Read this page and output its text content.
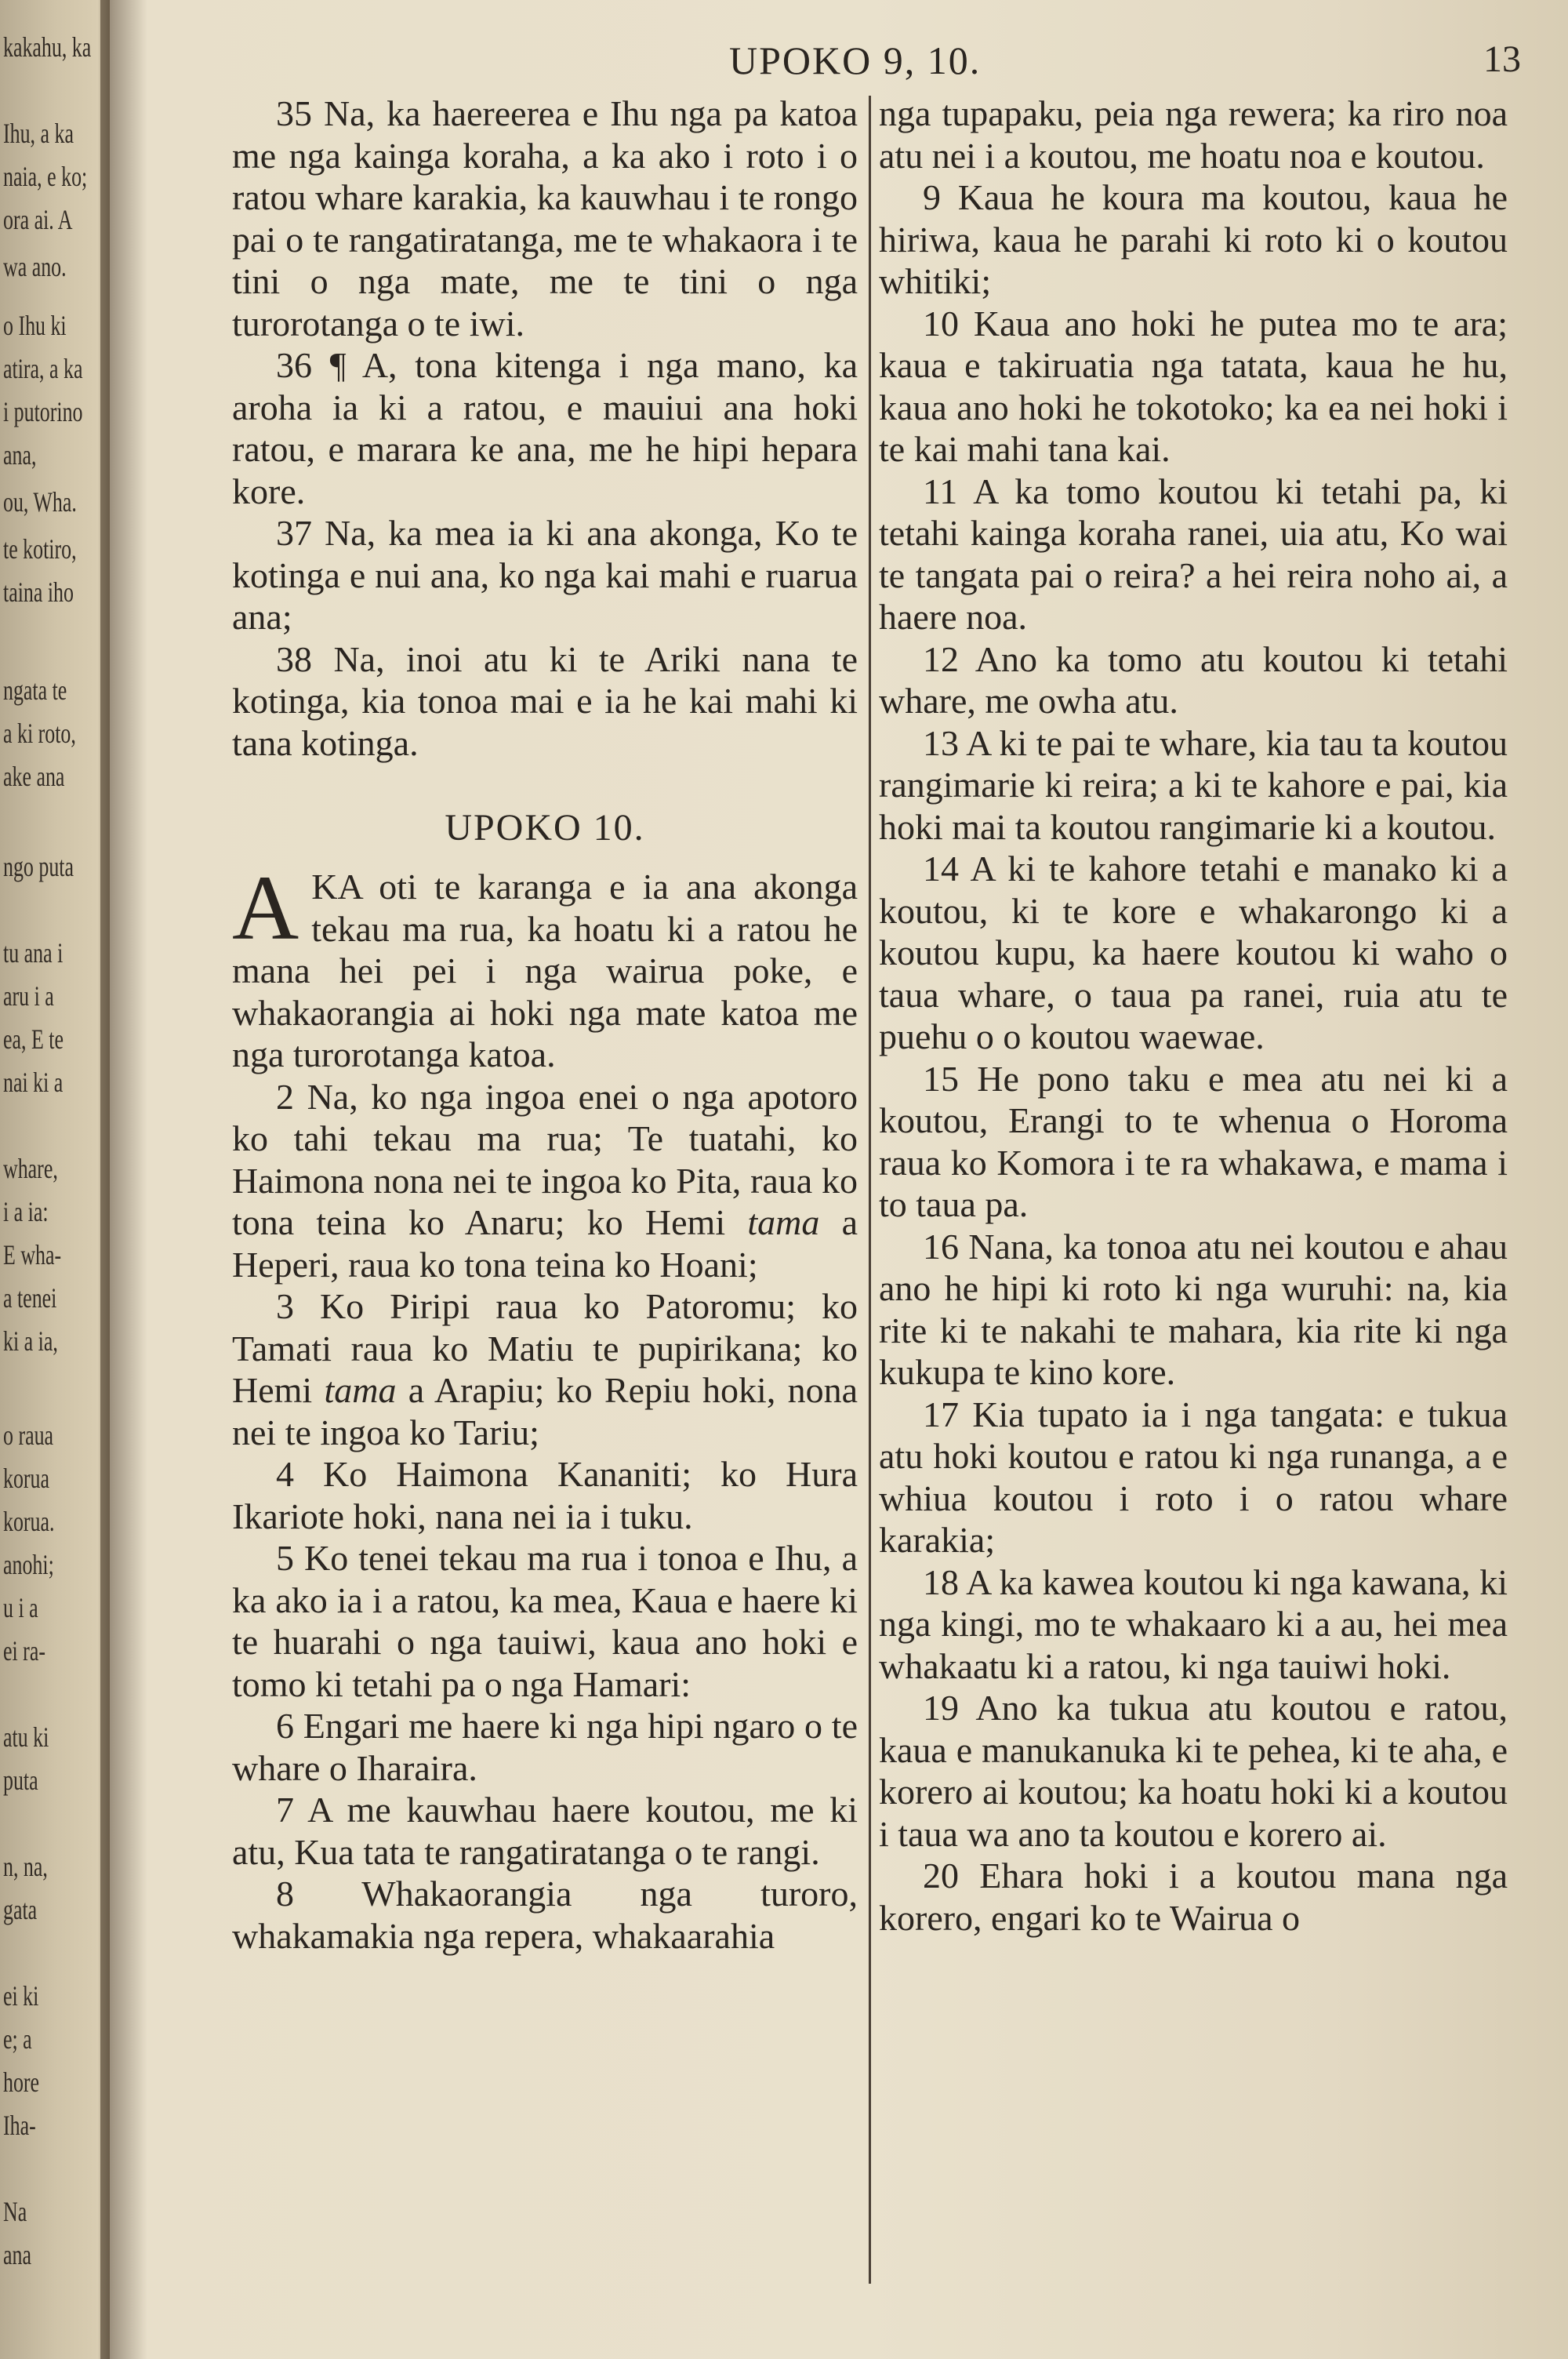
kakahu, ka
Ihu, a ka
naia, e ko;
ora ai. A
wa ano.
o Ihu ki
atira, a ka
i putorino
ana,
ou, Wha.
te kotiro,
taina iho
ngata te
a ki roto,
ake ana
ngo puta
tu ana i
aru i a
ea, E te
nai ki a
whare,
i a ia:
E wha-
a tenei
ki a ia,
o raua
korua
korua.
anohi;
u i a
ei ra-
atu ki
puta
n, na,
gata
ei ki
e; a
hore
Iha-
Na
ana
UPOKO 9, 10.	13

35 Na, ka haereerea e Ihu nga pa katoa me nga kainga koraha, a ka ako i roto i o ratou whare karakia, ka kauwhau i te rongo pai o te rangatiratanga, me te whakaora i te tini o nga mate, me te tini o nga turorotanga o te iwi.

36 ¶ A, tona kitenga i nga mano, ka aroha ia ki a ratou, e mauiui ana hoki ratou, e marara ke ana, me he hipi hepara kore.

37 Na, ka mea ia ki ana akonga, Ko te kotinga e nui ana, ko nga kai mahi e ruarua ana;

38 Na, inoi atu ki te Ariki nana te kotinga, kia tonoa mai e ia he kai mahi ki tana kotinga.

UPOKO 10.

A KA oti te karanga e ia ana akonga tekau ma rua, ka hoatu ki a ratou he mana hei pei i nga wairua poke, e whakaorangia ai hoki nga mate katoa me nga turorotanga katoa.

2 Na, ko nga ingoa enei o nga apotoro ko tahi tekau ma rua; Te tuatahi, ko Haimona nona nei te ingoa ko Pita, raua ko tona teina ko Anaru; ko Hemi tama a Heperi, raua ko tona teina ko Hoani;

3 Ko Piripi raua ko Patoromu; ko Tamati raua ko Matiu te pupirikana; ko Hemi tama a Arapiu; ko Repiu hoki, nona nei te ingoa ko Tariu;

4 Ko Haimona Kananiti; ko Hura Ikariote hoki, nana nei ia i tuku.

5 Ko tenei tekau ma rua i tonoa e Ihu, a ka ako ia i a ratou, ka mea, Kaua e haere ki te huarahi o nga tauiwi, kaua ano hoki e tomo ki tetahi pa o nga Hamari:

6 Engari me haere ki nga hipi ngaro o te whare o Iharaira.

7 A me kauwhau haere koutou, me ki atu, Kua tata te rangatiratanga o te rangi.

8 Whakaorangia nga turoro, whakamakia nga repera, whakaarahia

nga tupapaku, peia nga rewera; ka riro noa atu nei i a koutou, me hoatu noa e koutou.

9 Kaua he koura ma koutou, kaua he hiriwa, kaua he parahi ki roto ki o koutou whitiki;

10 Kaua ano hoki he putea mo te ara; kaua e takiruatia nga tatata, kaua he hu, kaua ano hoki he tokotoko; ka ea nei hoki i te kai mahi tana kai.

11 A ka tomo koutou ki tetahi pa, ki tetahi kainga koraha ranei, uia atu, Ko wai te tangata pai o reira? a hei reira noho ai, a haere noa.

12 Ano ka tomo atu koutou ki tetahi whare, me owha atu.

13 A ki te pai te whare, kia tau ta koutou rangimarie ki reira; a ki te kahore e pai, kia hoki mai ta koutou rangimarie ki a koutou.

14 A ki te kahore tetahi e manako ki a koutou, ki te kore e whakarongo ki a koutou kupu, ka haere koutou ki waho o taua whare, o taua pa ranei, ruia atu te puehu o o koutou waewae.

15 He pono taku e mea atu nei ki a koutou, Erangi to te whenua o Horoma raua ko Komora i te ra whakawa, e mama i to taua pa.

16 Nana, ka tonoa atu nei koutou e ahau ano he hipi ki roto ki nga wuruhi: na, kia rite ki te nakahi te mahara, kia rite ki nga kukupa te kino kore.

17 Kia tupato ia i nga tangata: e tukua atu hoki koutou e ratou ki nga runanga, a e whiua koutou i roto i o ratou whare karakia;

18 A ka kawea koutou ki nga kawana, ki nga kingi, mo te whakaaro ki a au, hei mea whakaatu ki a ratou, ki nga tauiwi hoki.

19 Ano ka tukua atu koutou e ratou, kaua e manukanuka ki te pehea, ki te aha, e korero ai koutou; ka hoatu hoki ki a koutou i taua wa ano ta koutou e korero ai.

20 Ehara hoki i a koutou mana nga korero, engari ko te Wairua o
